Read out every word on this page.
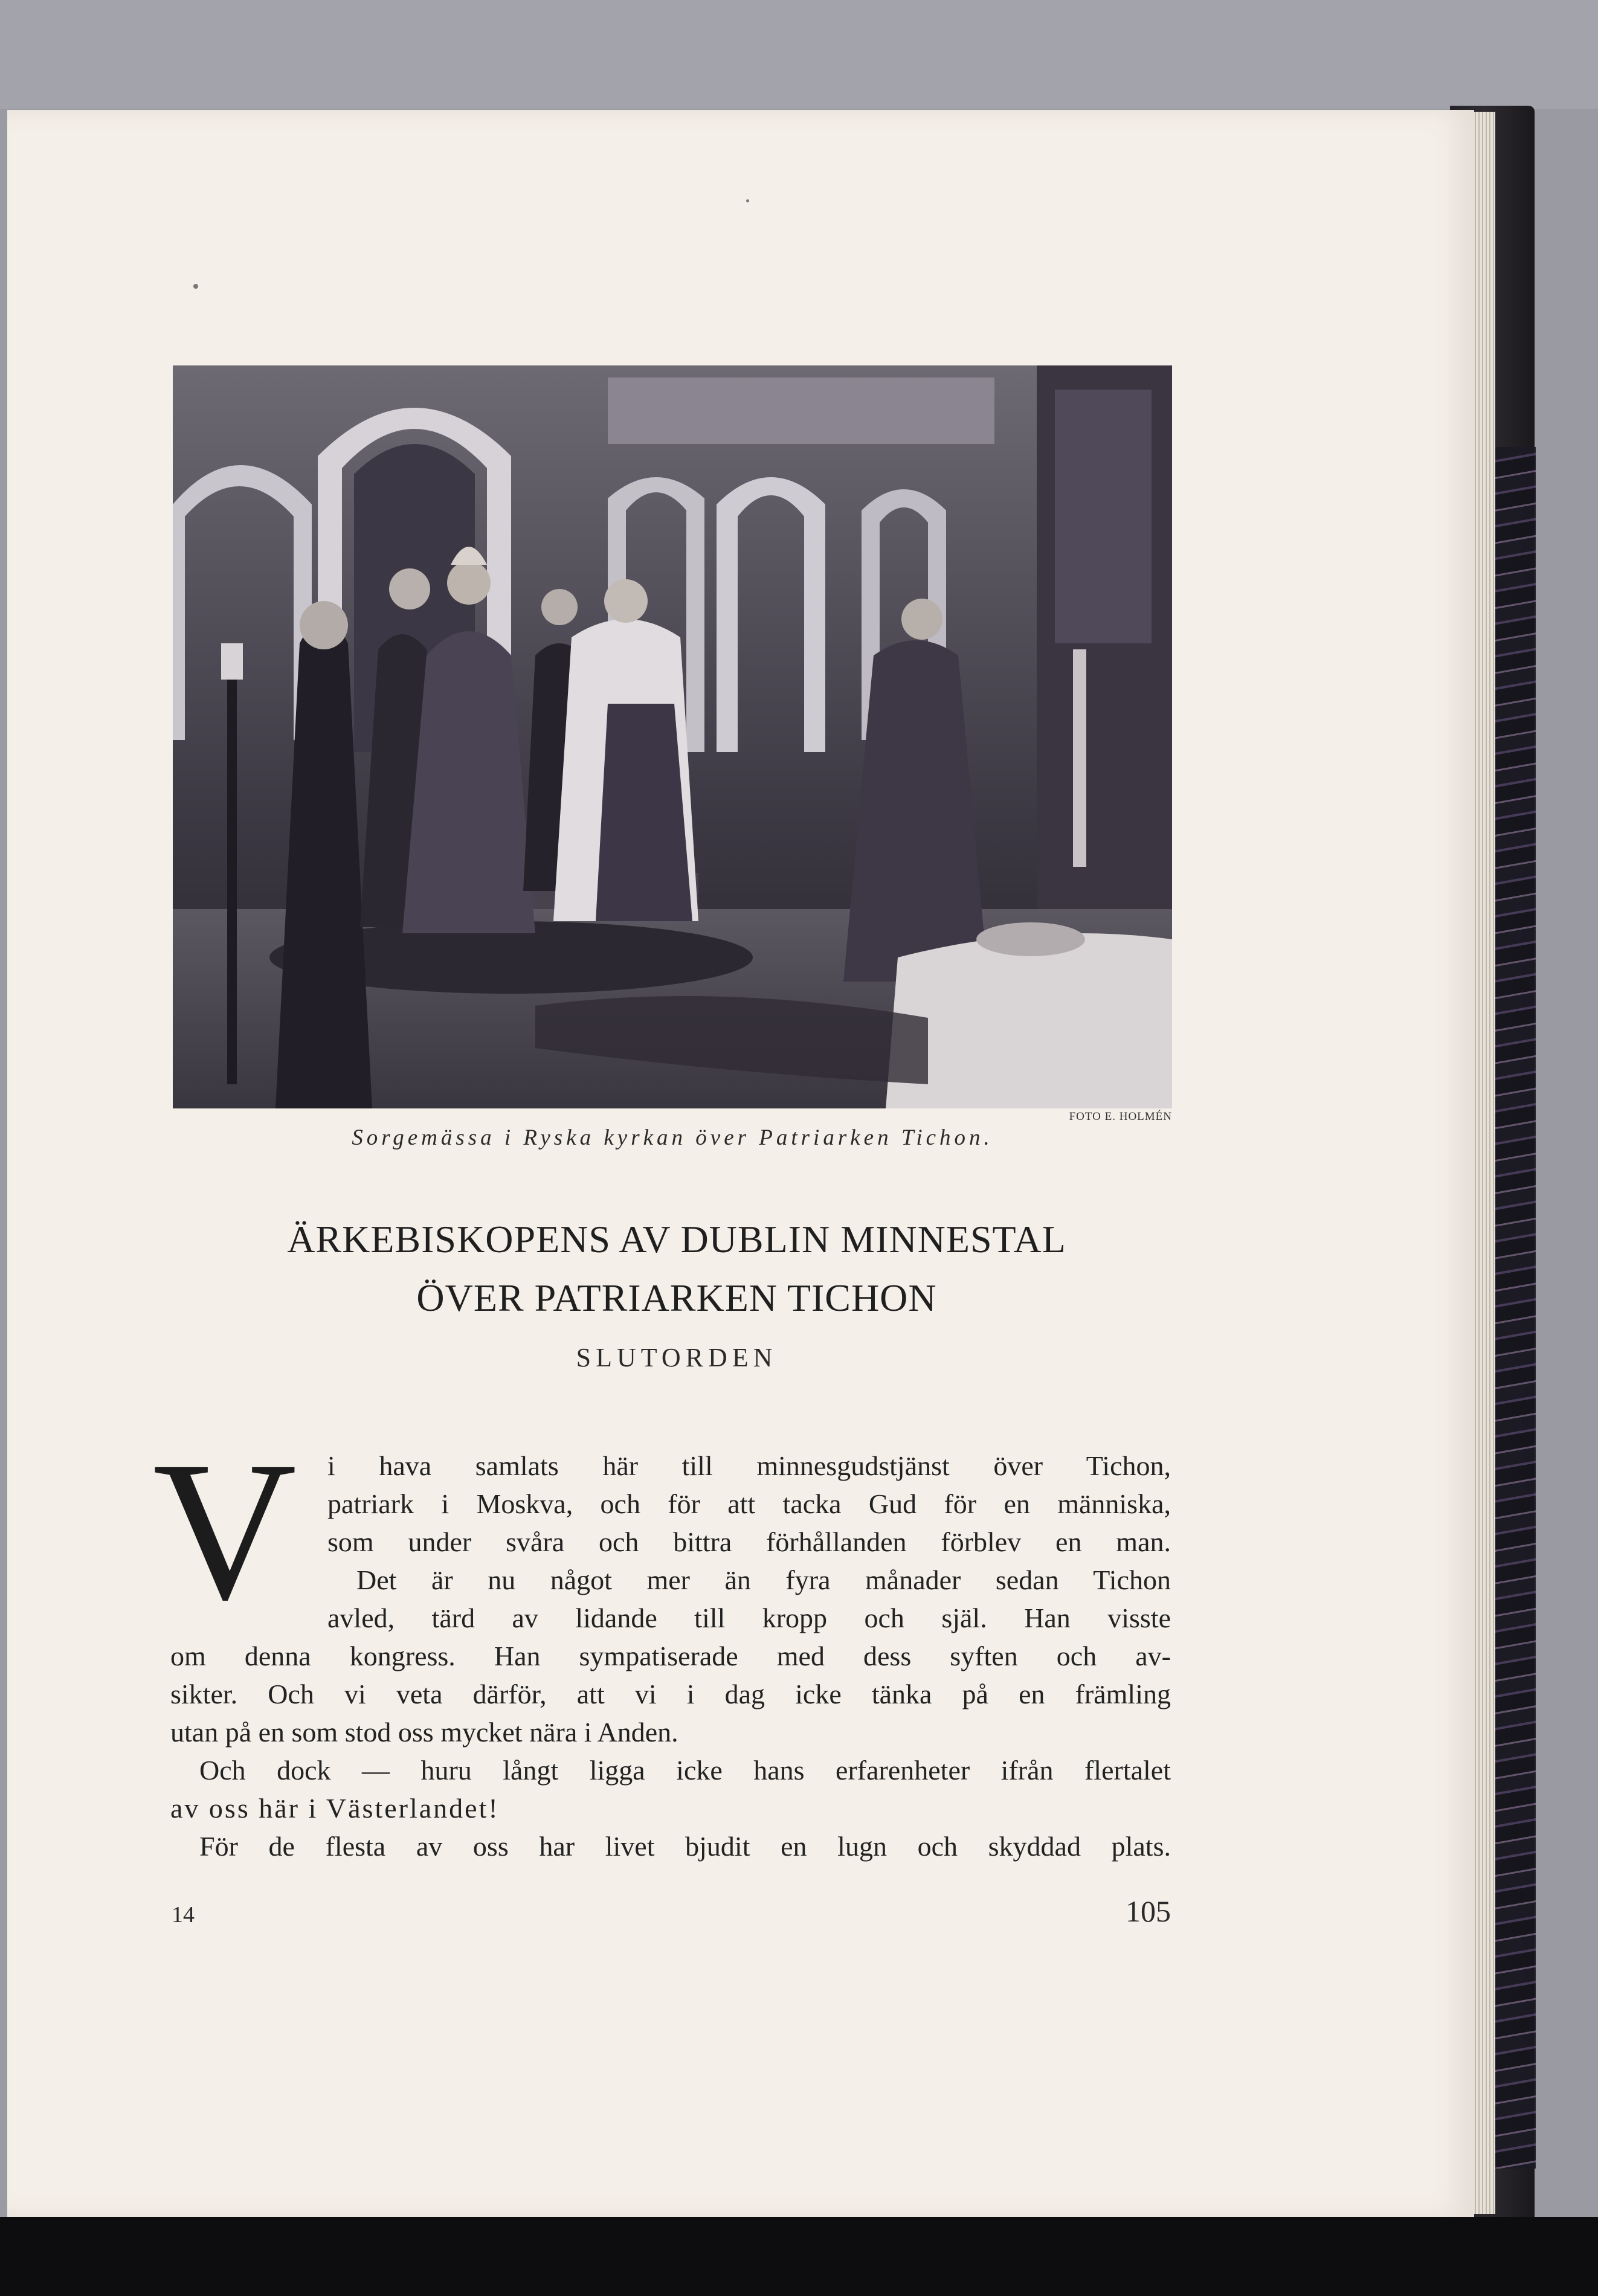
FOTO E. HOLMÉN
Sorgemässa i Ryska kyrkan över Patriarken Tichon.
ÄRKEBISKOPENS AV DUBLIN MINNESTAL
ÖVER PATRIARKEN TICHON
SLUTORDEN
V	i hava samlats här till minnesgudstjänst över Tichon,
patriark i Moskva, och för att tacka Gud för en människa,
som under svåra och bittra förhållanden förblev en man.
Det är nu något mer än fyra månader sedan Tichon
avled, tärd av lidande till kropp och själ. Han visste
om denna kongress. Han sympatiserade med dess syften och av-
sikter. Och vi veta därför, att vi i dag icke tänka på en främling
utan på en som stod oss mycket nära i Anden.
Och dock — huru långt ligga icke hans erfarenheter ifrån flertalet
av oss här i Västerlandet!
För de flesta av oss har livet bjudit en lugn och skyddad plats.
14	105
